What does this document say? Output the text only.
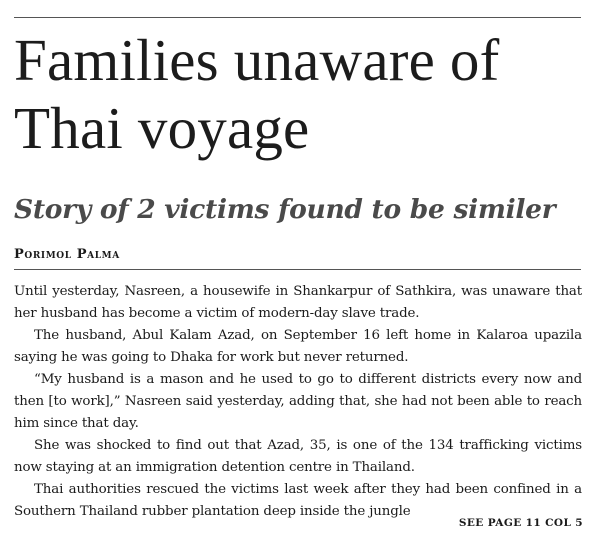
Families unaware of Thai voyage
Story of 2 victims found to be similer
Porimol Palma

Until yesterday, Nasreen, a housewife in Shankarpur of Sathkira, was unaware that her husband has become a victim of modern-day slave trade.

The husband, Abul Kalam Azad, on September 16 left home in Kalaroa upazila saying he was going to Dhaka for work but never returned.

“My husband is a mason and he used to go to different districts every now and then [to work],” Nasreen said yesterday, adding that, she had not been able to reach him since that day.

She was shocked to find out that Azad, 35, is one of the 134 trafficking victims now staying at an immigration detention centre in Thailand.

Thai authorities rescued the victims last week after they had been confined in a Southern Thailand rubber plantation deep inside the jungle

SEE PAGE 11 COL 5
